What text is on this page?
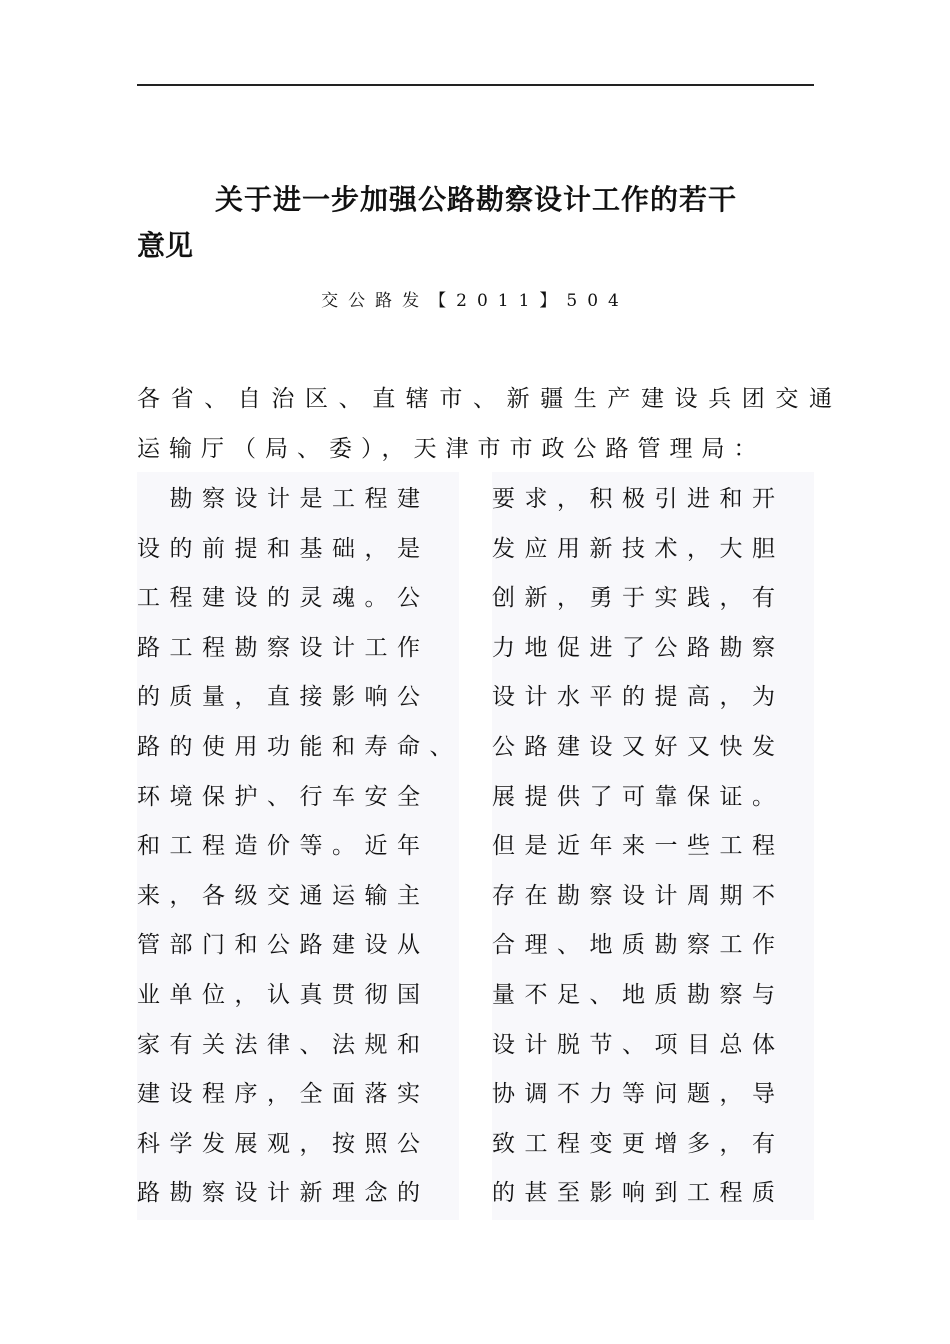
关于进一步加强公路勘察设计工作的若干
意见
交公路发【2011】504
各省、自治区、直辖市、新疆生产建设兵团交通
运输厅（局、委），天津市市政公路管理局：
　勘察设计是工程建
设的前提和基础，是
工程建设的灵魂。公
路工程勘察设计工作
的质量，直接影响公
路的使用功能和寿命、
环境保护、行车安全
和工程造价等。近年
来，各级交通运输主
管部门和公路建设从
业单位，认真贯彻国
家有关法律、法规和
建设程序，全面落实
科学发展观，按照公
路勘察设计新理念的
要求，积极引进和开
发应用新技术，大胆
创新，勇于实践，有
力地促进了公路勘察
设计水平的提高，为
公路建设又好又快发
展提供了可靠保证。
但是近年来一些工程
存在勘察设计周期不
合理、地质勘察工作
量不足、地质勘察与
设计脱节、项目总体
协调不力等问题，导
致工程变更增多，有
的甚至影响到工程质
